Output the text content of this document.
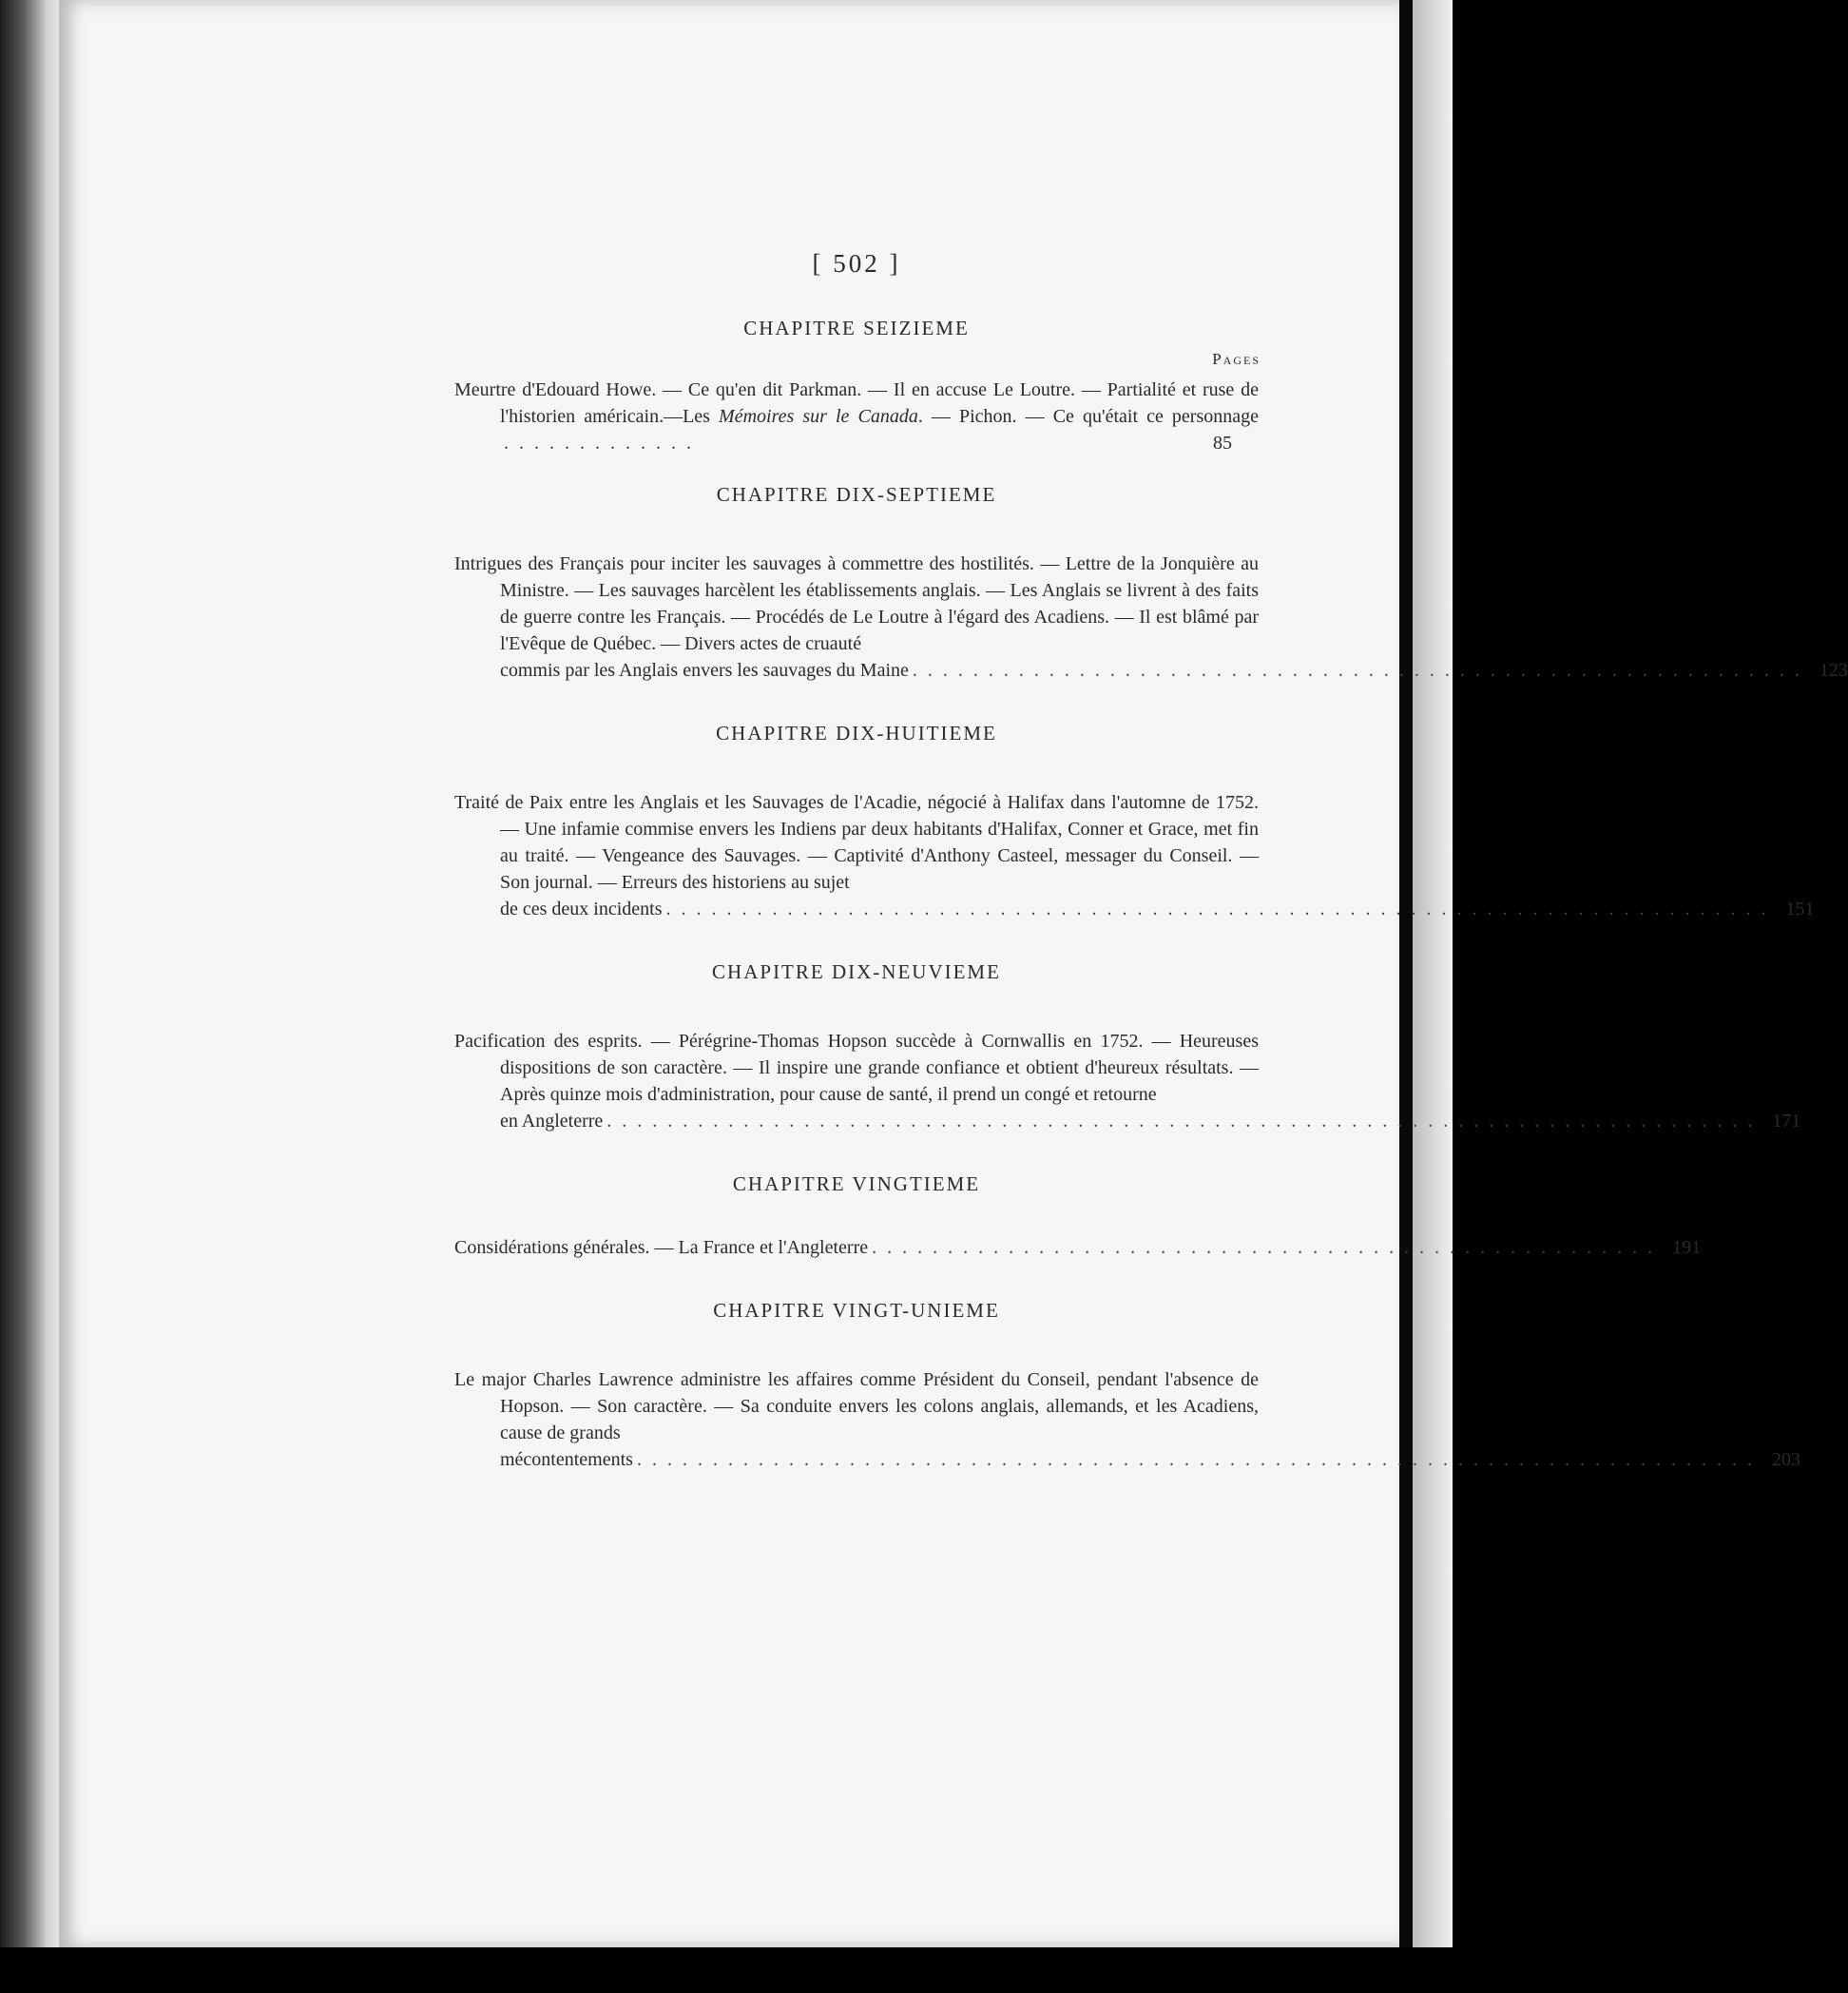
[ 502 ]
CHAPITRE SEIZIEME
Pages
Meurtre d'Edouard Howe. — Ce qu'en dit Parkman. — Il en accuse Le Loutre. — Partialité et ruse de l'historien américain.—Les Mémoires sur le Canada. — Pichon. — Ce qu'était ce personnage . . . . . . . . . . . . .	85
CHAPITRE DIX-SEPTIEME
Intrigues des Français pour inciter les sauvages à commettre des hostilités. — Lettre de la Jonquière au Ministre. — Les sauvages harcèlent les établissements anglais. — Les Anglais se livrent à des faits de guerre contre les Français. — Procédés de Le Loutre à l'égard des Acadiens. — Il est blâmé par l'Evêque de Québec. — Divers actes de cruauté
commis par les Anglais envers les sauvages du Maine . . . . . . . . . . . . . . . . . . . . . . . . . . . . . . . . . . . . . . . . . . . . . . . . . . . . . . . . . . . 123
CHAPITRE DIX-HUITIEME
Traité de Paix entre les Anglais et les Sauvages de l'Acadie, négocié à Halifax dans l'automne de 1752. — Une infamie commise envers les Indiens par deux habitants d'Halifax, Conner et Grace, met fin au traité. — Vengeance des Sauvages. — Captivité d'Anthony Casteel, messager du Conseil. — Son journal. — Erreurs des historiens au sujet
de ces deux incidents . . . . . . . . . . . . . . . . . . . . . . . . . . . . . . . . . . . . . . . . . . . . . . . . . . . . . . . . . . . . . . . . . . . . . . . . . 151
CHAPITRE DIX-NEUVIEME
Pacification des esprits. — Pérégrine-Thomas Hopson succède à Cornwallis en 1752. — Heureuses dispositions de son caractère. — Il inspire une grande confiance et obtient d'heureux résultats. — Après quinze mois d'administration, pour cause de santé, il prend un congé et retourne
en Angleterre . . . . . . . . . . . . . . . . . . . . . . . . . . . . . . . . . . . . . . . . . . . . . . . . . . . . . . . . . . . . . . . . . . . . . . . . . . . . 171
CHAPITRE VINGTIEME
Considérations générales. — La France et l'Angleterre . . . . . . . . . . . . . . . . . . . . . . . . . . . . . . . . . . . . . . . . . . . . . . . . . . . . 191
CHAPITRE VINGT-UNIEME
Le major Charles Lawrence administre les affaires comme Président du Conseil, pendant l'absence de Hopson. — Son caractère. — Sa conduite envers les colons anglais, allemands, et les Acadiens, cause de grands
mécontentements . . . . . . . . . . . . . . . . . . . . . . . . . . . . . . . . . . . . . . . . . . . . . . . . . . . . . . . . . . . . . . . . . . . . . . . . . . 203
